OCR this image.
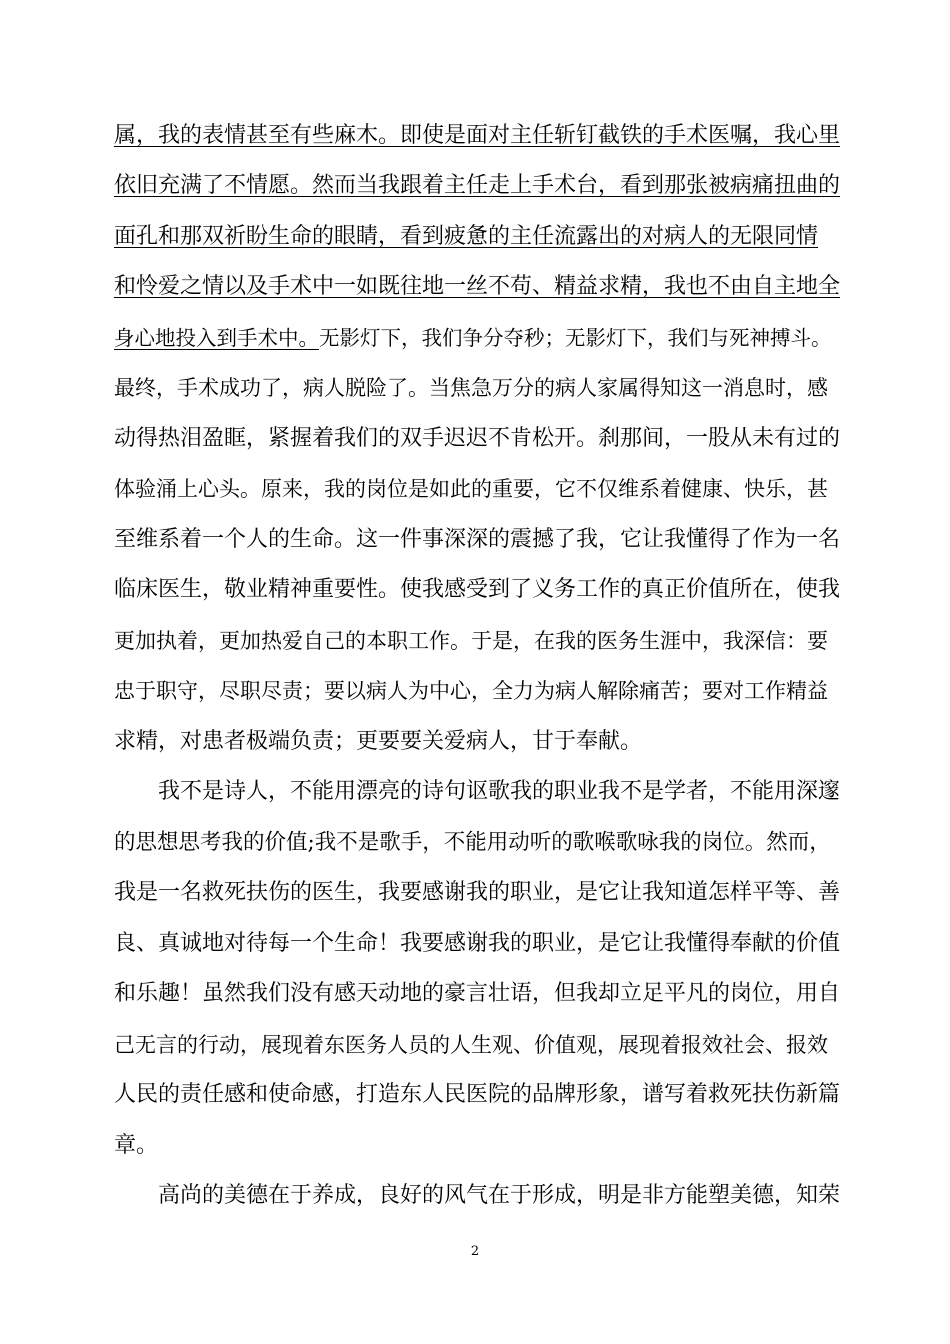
属，我的表情甚至有些麻木。即使是面对主任斩钉截铁的手术医嘱，我心里
依旧充满了不情愿。然而当我跟着主任走上手术台，看到那张被病痛扭曲的
面孔和那双祈盼生命的眼睛，看到疲惫的主任流露出的对病人的无限同情
和怜爱之情以及手术中一如既往地一丝不苟、精益求精，我也不由自主地全
身心地投入到手术中。无影灯下，我们争分夺秒；无影灯下，我们与死神搏斗。
最终，手术成功了，病人脱险了。当焦急万分的病人家属得知这一消息时，感
动得热泪盈眶，紧握着我们的双手迟迟不肯松开。刹那间，一股从未有过的
体验涌上心头。原来，我的岗位是如此的重要，它不仅维系着健康、快乐，甚
至维系着一个人的生命。这一件事深深的震撼了我，它让我懂得了作为一名
临床医生，敬业精神重要性。使我感受到了义务工作的真正价值所在，使我
更加执着，更加热爱自己的本职工作。于是，在我的医务生涯中，我深信：要
忠于职守，尽职尽责；要以病人为中心，全力为病人解除痛苦；要对工作精益
求精，对患者极端负责；更要要关爱病人，甘于奉献。
我不是诗人，不能用漂亮的诗句讴歌我的职业我不是学者，不能用深邃
的思想思考我的价值;我不是歌手，不能用动听的歌喉歌咏我的岗位。然而，
我是一名救死扶伤的医生，我要感谢我的职业，是它让我知道怎样平等、善
良、真诚地对待每一个生命！我要感谢我的职业，是它让我懂得奉献的价值
和乐趣！虽然我们没有感天动地的豪言壮语，但我却立足平凡的岗位，用自
己无言的行动，展现着东医务人员的人生观、价值观，展现着报效社会、报效
人民的责任感和使命感，打造东人民医院的品牌形象，谱写着救死扶伤新篇
章。
高尚的美德在于养成，良好的风气在于形成，明是非方能塑美德，知荣
2
